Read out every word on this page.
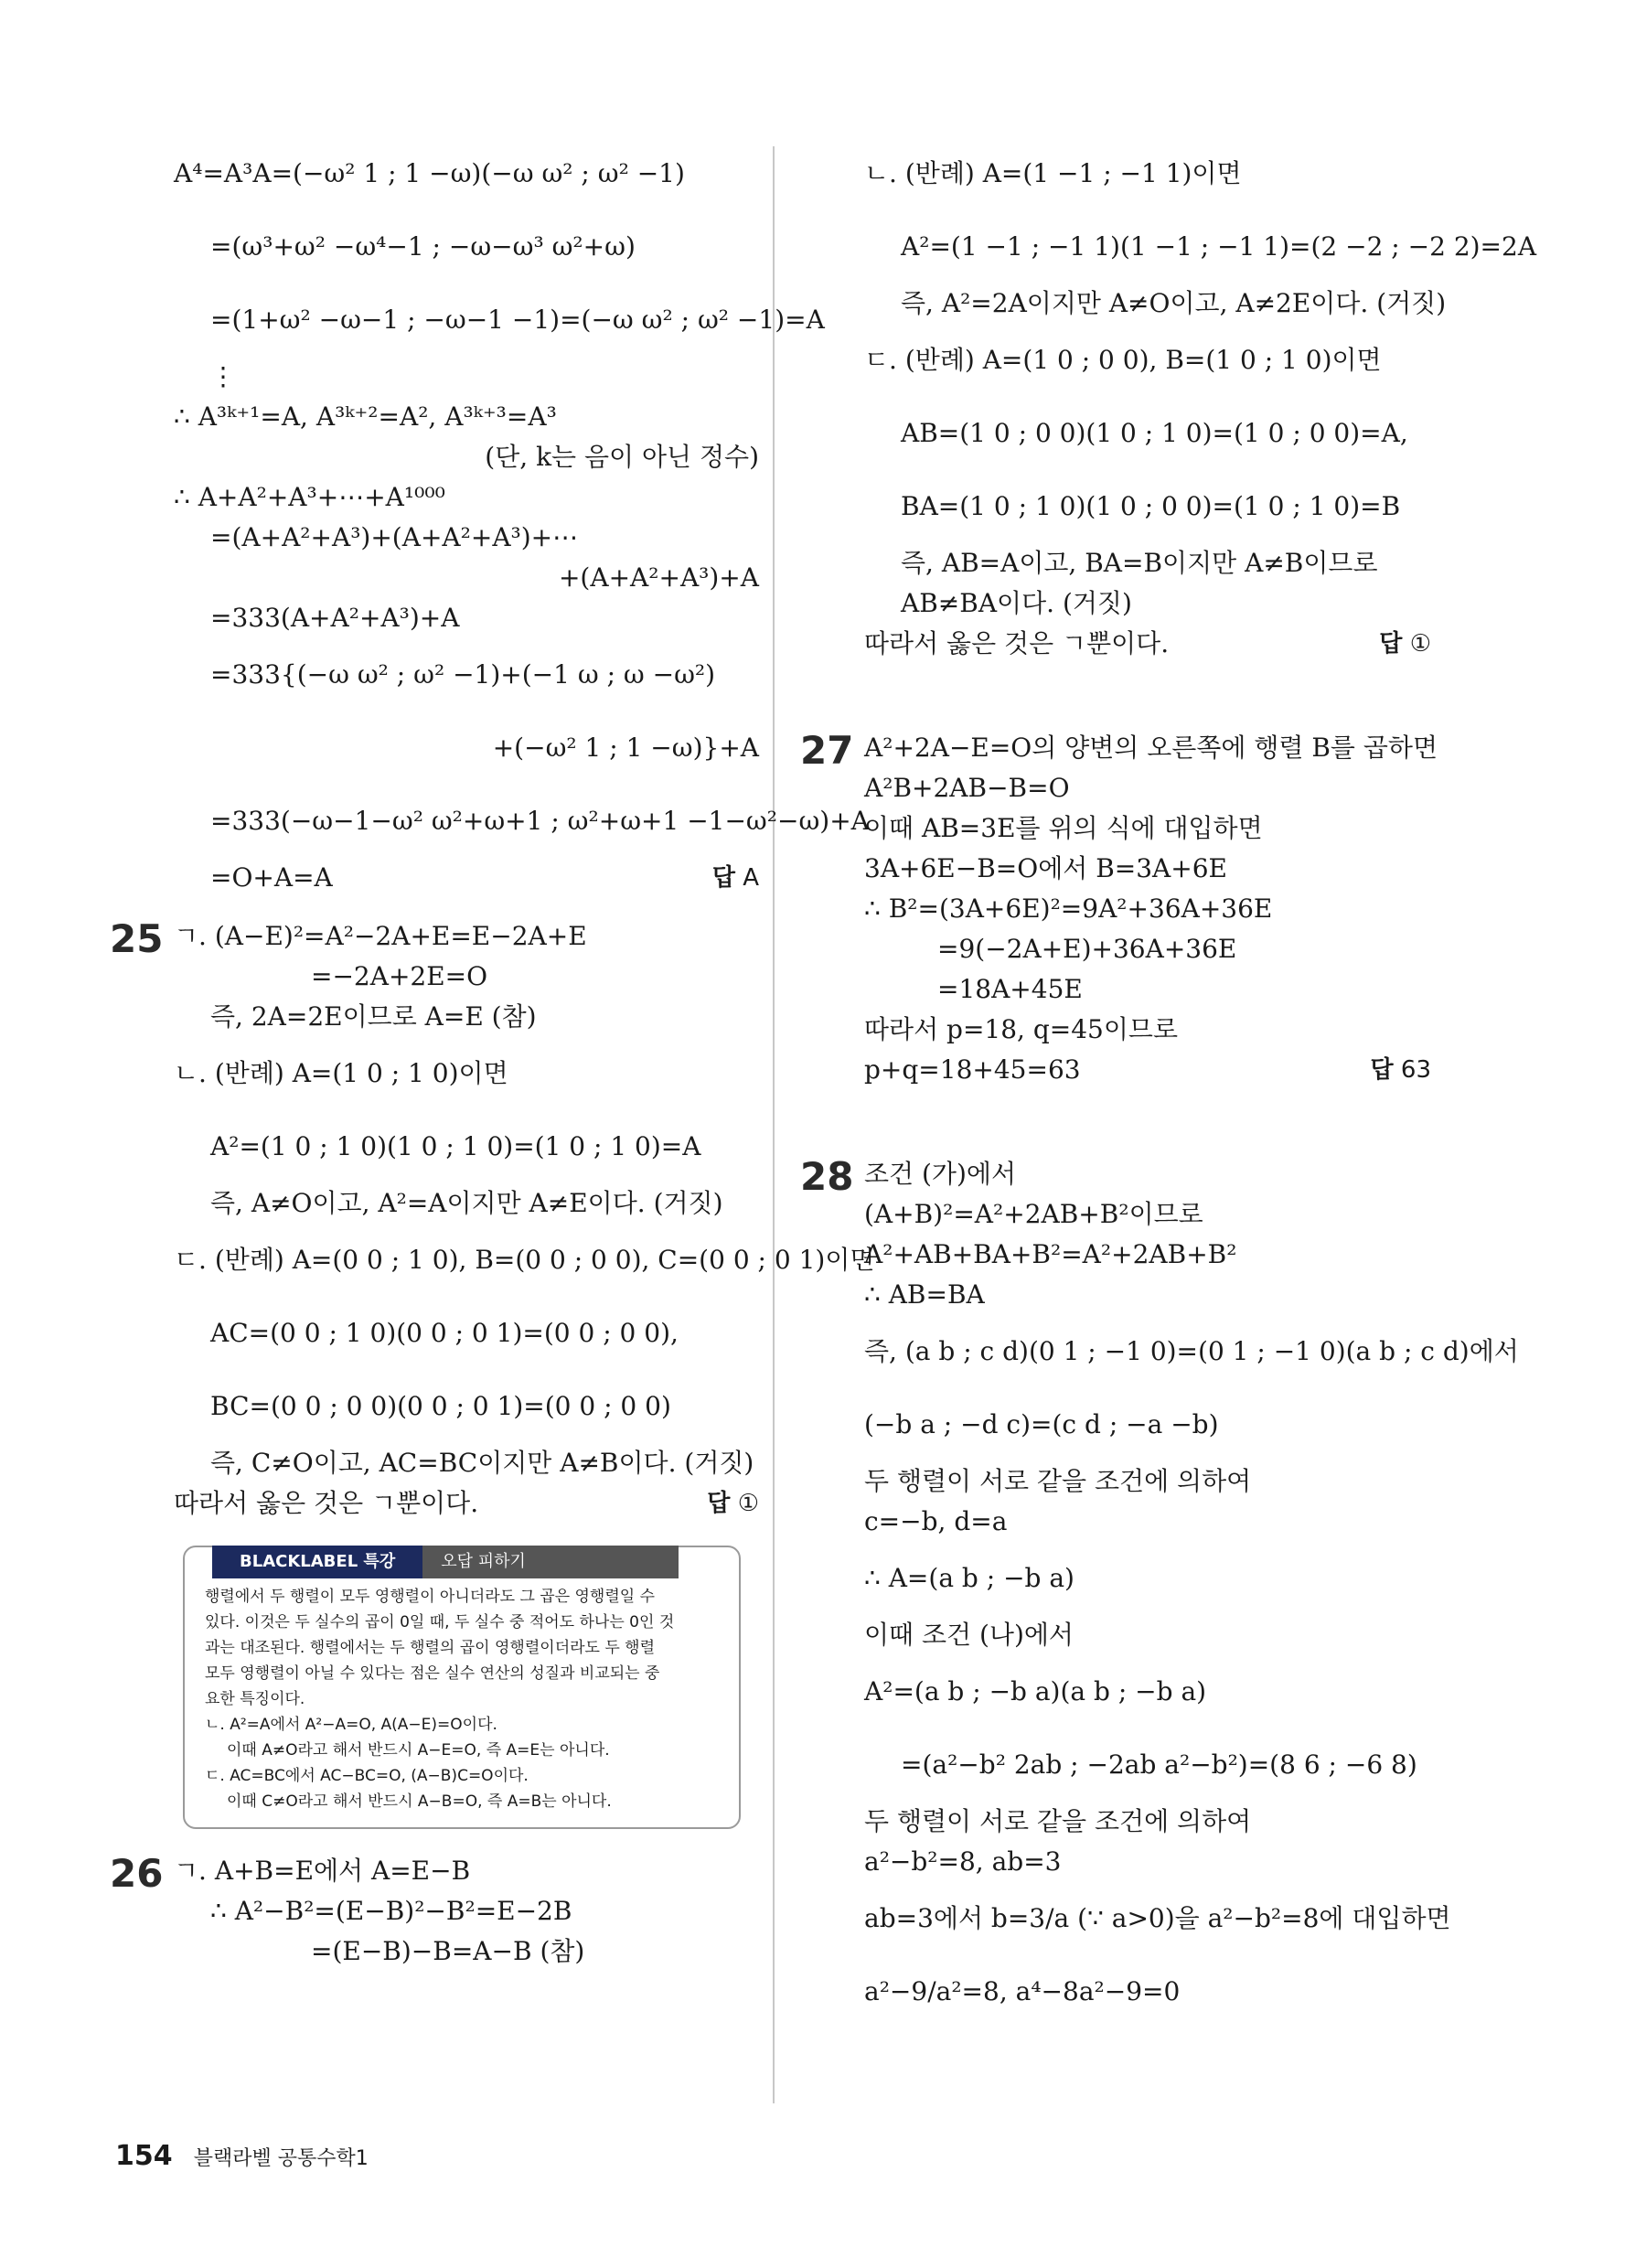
A⁴=A³A=(−ω² 1 ; 1 −ω)(−ω ω² ; ω² −1)
=(ω³+ω² −ω⁴−1 ; −ω−ω³ ω²+ω)
=(1+ω² −ω−1 ; −ω−1 −1)=(−ω ω² ; ω² −1)=A
⋮
∴ A³ᵏ⁺¹=A, A³ᵏ⁺²=A², A³ᵏ⁺³=A³
(단, k는 음이 아닌 정수)
∴ A+A²+A³+⋯+A¹⁰⁰⁰
=(A+A²+A³)+(A+A²+A³)+⋯
+(A+A²+A³)+A
=333(A+A²+A³)+A
=333{(−ω ω² ; ω² −1)+(−1 ω ; ω −ω²)
+(−ω² 1 ; 1 −ω)}+A
=333(−ω−1−ω² ω²+ω+1 ; ω²+ω+1 −1−ω²−ω)+A
=O+A=A	답 A
25 ㄱ. (A−E)²=A²−2A+E=E−2A+E
=−2A+2E=O
즉, 2A=2E이므로 A=E (참)
ㄴ. (반례) A=(1 0 ; 1 0)이면
A²=(1 0 ; 1 0)(1 0 ; 1 0)=(1 0 ; 1 0)=A
즉, A≠O이고, A²=A이지만 A≠E이다. (거짓)
ㄷ. (반례) A=(0 0 ; 1 0), B=(0 0 ; 0 0), C=(0 0 ; 0 1)이면
AC=(0 0 ; 1 0)(0 0 ; 0 1)=(0 0 ; 0 0),
BC=(0 0 ; 0 0)(0 0 ; 0 1)=(0 0 ; 0 0)
즉, C≠O이고, AC=BC이지만 A≠B이다. (거짓)
따라서 옳은 것은 ㄱ뿐이다.	답 ①
BLACKLABEL 특강	오답 피하기

행렬에서 두 행렬이 모두 영행렬이 아니더라도 그 곱은 영행렬일 수

있다. 이것은 두 실수의 곱이 0일 때, 두 실수 중 적어도 하나는 0인 것

과는 대조된다. 행렬에서는 두 행렬의 곱이 영행렬이더라도 두 행렬

모두 영행렬이 아닐 수 있다는 점은 실수 연산의 성질과 비교되는 중

요한 특징이다.

ㄴ. A²=A에서 A²−A=O, A(A−E)=O이다.

이때 A≠O라고 해서 반드시 A−E=O, 즉 A=E는 아니다.

ㄷ. AC=BC에서 AC−BC=O, (A−B)C=O이다.

이때 C≠O라고 해서 반드시 A−B=O, 즉 A=B는 아니다.

26 ㄱ. A+B=E에서 A=E−B
∴ A²−B²=(E−B)²−B²=E−2B
=(E−B)−B=A−B (참)
ㄴ. (반례) A=(1 −1 ; −1 1)이면
A²=(1 −1 ; −1 1)(1 −1 ; −1 1)=(2 −2 ; −2 2)=2A
즉, A²=2A이지만 A≠O이고, A≠2E이다. (거짓)
ㄷ. (반례) A=(1 0 ; 0 0), B=(1 0 ; 1 0)이면
AB=(1 0 ; 0 0)(1 0 ; 1 0)=(1 0 ; 0 0)=A,
BA=(1 0 ; 1 0)(1 0 ; 0 0)=(1 0 ; 1 0)=B
즉, AB=A이고, BA=B이지만 A≠B이므로
AB≠BA이다. (거짓)
따라서 옳은 것은 ㄱ뿐이다.	답 ①
27 A²+2A−E=O의 양변의 오른쪽에 행렬 B를 곱하면
A²B+2AB−B=O
이때 AB=3E를 위의 식에 대입하면
3A+6E−B=O에서 B=3A+6E
∴ B²=(3A+6E)²=9A²+36A+36E
=9(−2A+E)+36A+36E
=18A+45E
따라서 p=18, q=45이므로
p+q=18+45=63	답 63
28 조건 (가)에서
(A+B)²=A²+2AB+B²이므로
A²+AB+BA+B²=A²+2AB+B²
∴ AB=BA
즉, (a b ; c d)(0 1 ; −1 0)=(0 1 ; −1 0)(a b ; c d)에서
(−b a ; −d c)=(c d ; −a −b)
두 행렬이 서로 같을 조건에 의하여
c=−b, d=a
∴ A=(a b ; −b a)
이때 조건 (나)에서
A²=(a b ; −b a)(a b ; −b a)
=(a²−b² 2ab ; −2ab a²−b²)=(8 6 ; −6 8)
두 행렬이 서로 같을 조건에 의하여
a²−b²=8, ab=3
ab=3에서 b=3/a (∵ a>0)을 a²−b²=8에 대입하면
a²−9/a²=8, a⁴−8a²−9=0
154 블랙라벨 공통수학1
